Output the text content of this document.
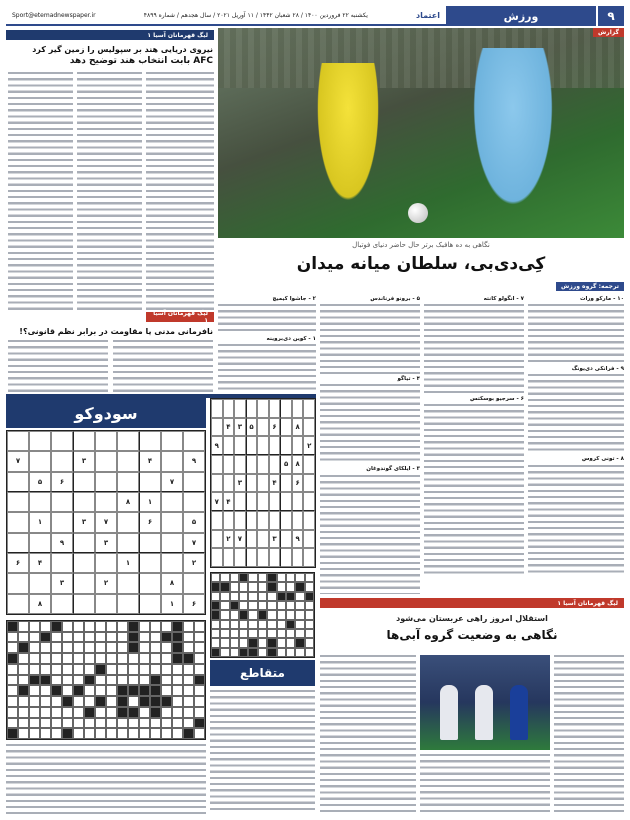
۹
ورزش
اعتماد
یکشنبه ۲۲ فروردین ۱۴۰۰ / ۲۸ شعبان ۱۴۴۲ / ۱۱ آوریل ۲۰۲۱ / سال هجدهم / شماره ۴۸۹۹
Sport@etemadnewspaper.ir
گزارش
لیگ قهرمانان آسیا ۱
نیروی دریایی هند بر سپولیس را زمین گیر کرد
AFC بابت انتخاب هند توضیح دهد
لیگ قهرمانان آسیا ۱
نافرمانی مدنی یا مقاومت در برابر نظم قانونی؟!
نگاهی به ده هافبک برتر حال حاضر دنیای فوتبال
کِی‌دی‌بی، سلطان میانه میدان
ترجمه: گروه ورزش
۱۰ - مارکو ورات
۹ - فرانکی دی‌یونگ
۸ - تونی کروس
۷ - انگولو کانته
۶ - سرجیو بوسکتس
۵ - برونو فرناندس
۴ - تیاگو
۳ - ایلکای گوندوغان
۲ - جاشوا کیمیچ
۱ - کوین دی‌بروینه
سودوکو
۹
۴
۳
۷
۷
۶
۵
۱
۸
۵
۶
۷
۳
۱
۷
۳
۹
۲
۱
۴
۶
۸
۲
۳
۶
۱
۸
۸
۶
۵
۳
۴
۲
۹
۸
۵
۶
۴
۳
۴
۷
۹
۳
۷
۲
متقاطع
لیگ قهرمانان آسیا ۱
استقلال امروز راهی عربستان می‌شود
نگاهی به وضعیت گروه آبی‌ها
